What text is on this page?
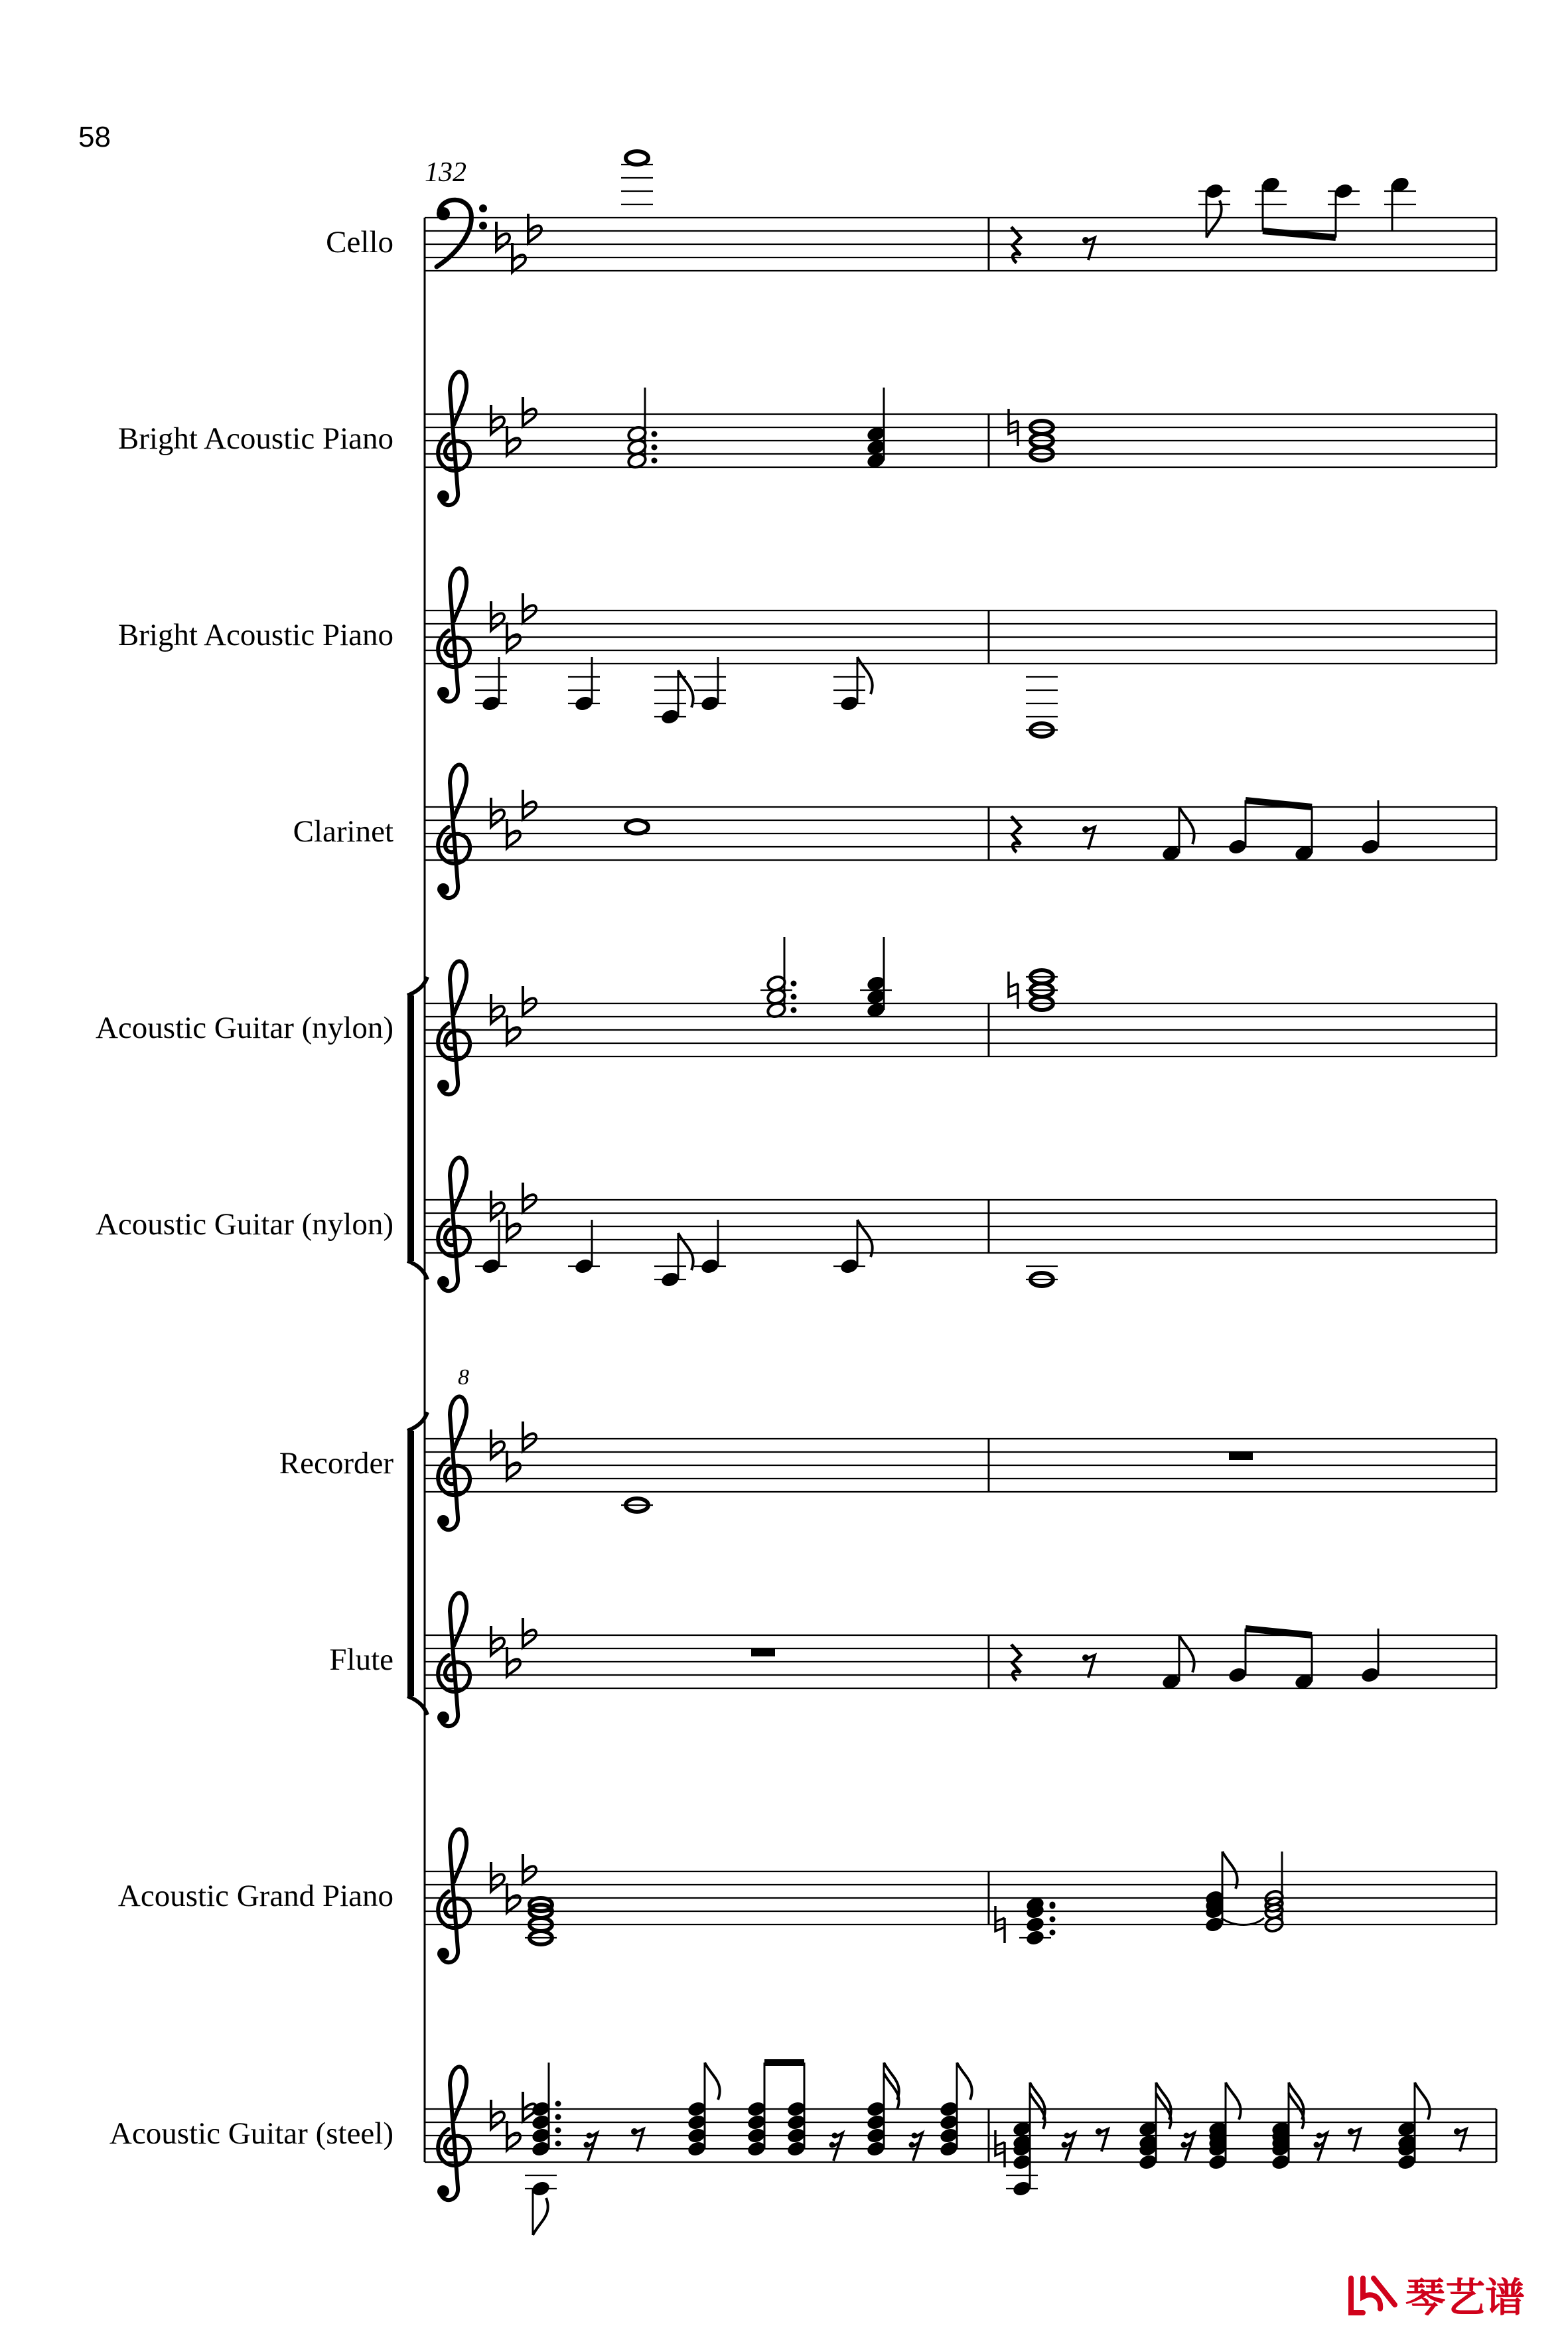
8
58
132
Cello
Bright Acoustic Piano
Bright Acoustic Piano
Clarinet
Acoustic Guitar (nylon)
Acoustic Guitar (nylon)
Recorder
Flute
Acoustic Grand Piano
Acoustic Guitar (steel)
琴艺谱
